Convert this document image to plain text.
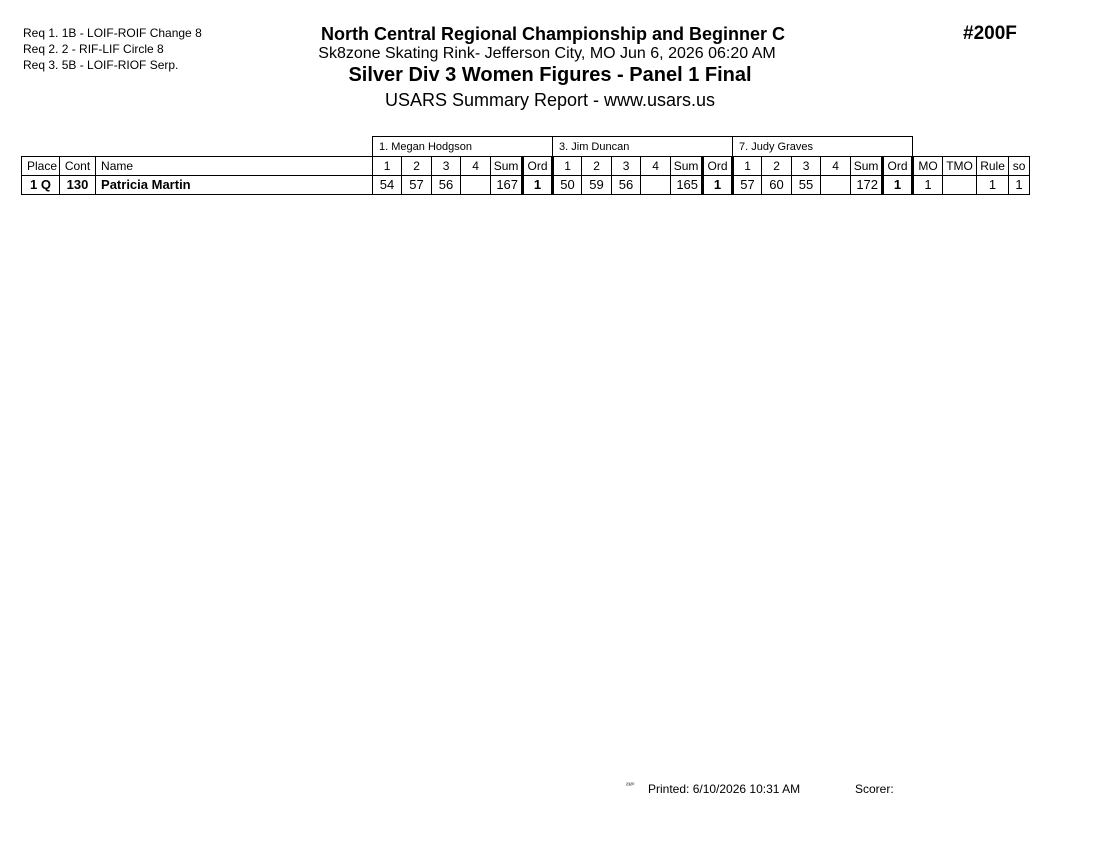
Req 1. 1B - LOIF-ROIF Change 8
Req 2. 2 - RIF-LIF Circle 8
Req 3. 5B - LOIF-RIOF Serp.
North Central Regional Championship and Beginner C
Sk8zone Skating Rink- Jefferson City, MO Jun 6, 2026 06:20 AM
Silver Div 3 Women Figures - Panel 1 Final
USARS Summary Report - www.usars.us
#200F
			1. Megan Hodgson						3. Jim Duncan						7. Judy Graves									
Place	Cont	Name	1	2	3	4	Sum	Ord	1	2	3	4	Sum	Ord	1	2	3	4	Sum	Ord	MO	TMO	Rule	so
1 Q	130	Patricia Martin	54	57	56		167	1	50	59	56		165	1	57	60	55		172	1	1		1	1
²³²⁰ Printed: 6/10/2026 10:31 AM	Scorer:
